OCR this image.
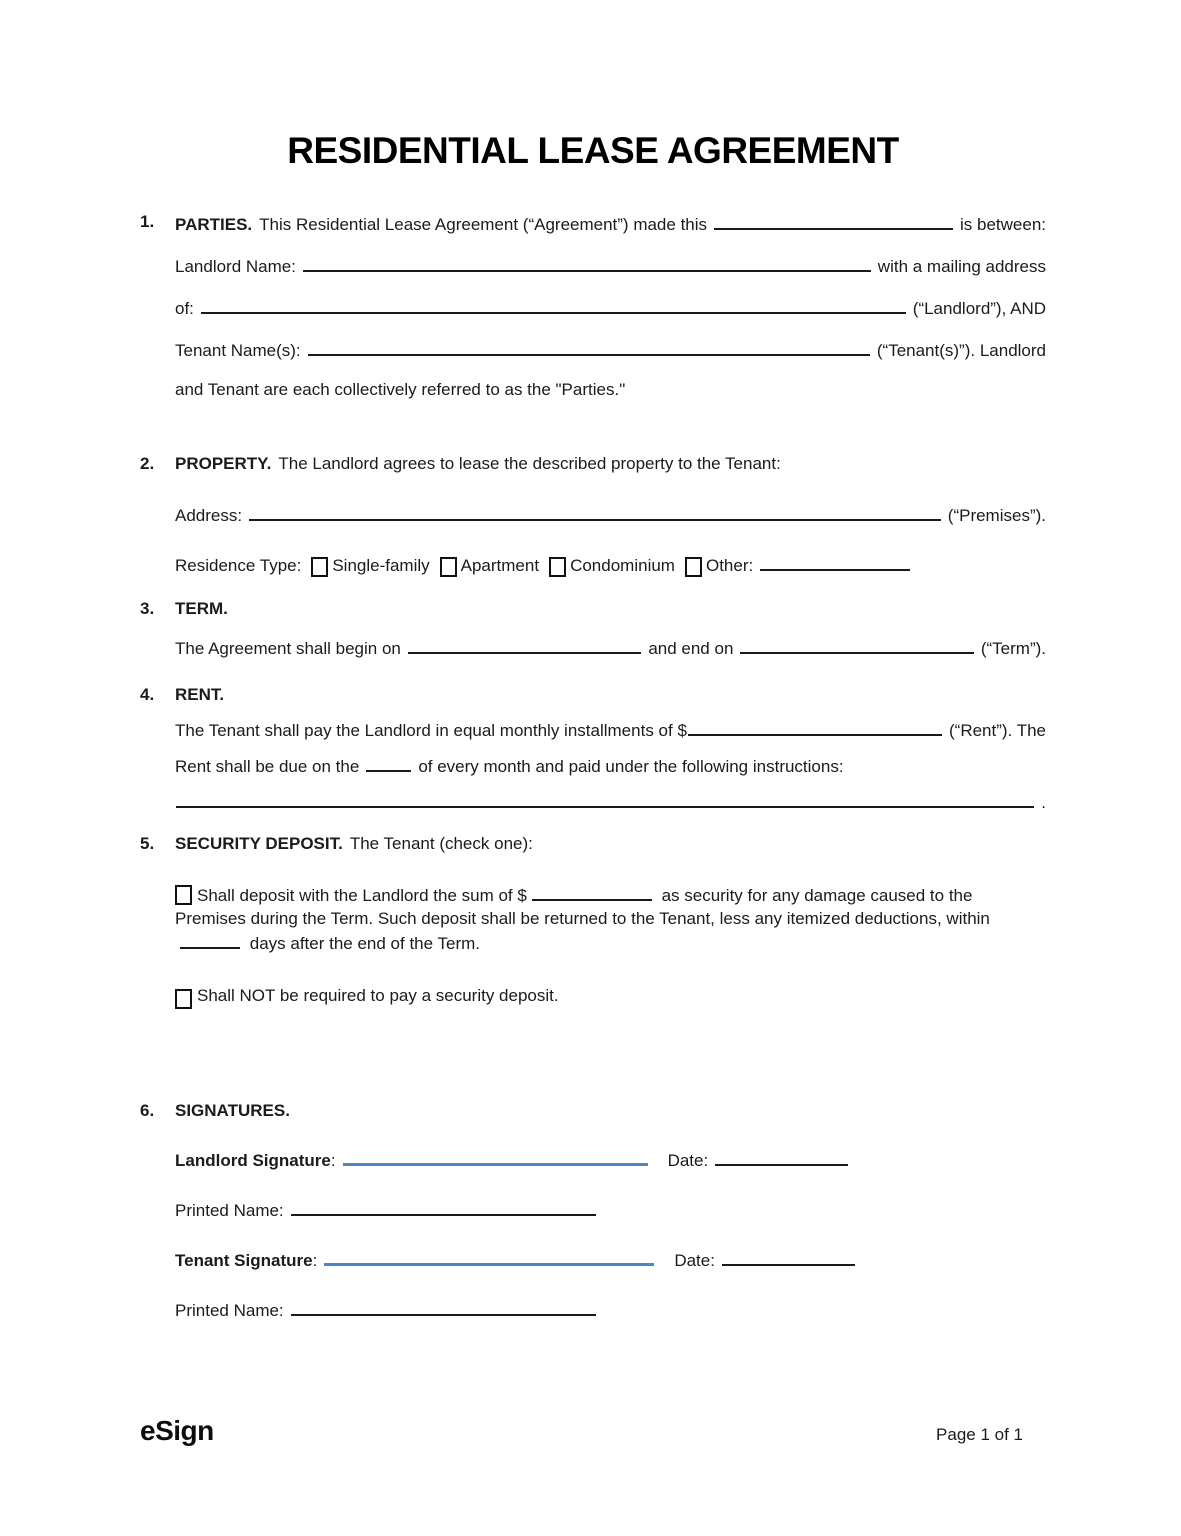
RESIDENTIAL LEASE AGREEMENT
1.	PARTIES. This Residential Lease Agreement (“Agreement”) made this	is between:
Landlord Name:	with a mailing address
of:	(“Landlord”), AND
Tenant Name(s):	(“Tenant(s)”). Landlord
and Tenant are each collectively referred to as the "Parties."
2.	PROPERTY. The Landlord agrees to lease the described property to the Tenant:
Address:	(“Premises”).
Residence Type: Single-family Apartment Condominium Other:
3.	TERM.
The Agreement shall begin on	and end on	(“Term”).
4.	RENT.
The Tenant shall pay the Landlord in equal monthly installments of $	(“Rent”). The
Rent shall be due on the	of every month and paid under the following instructions:
.
5.	SECURITY DEPOSIT. The Tenant (check one):
Shall deposit with the Landlord the sum of $	as security for any damage caused to the Premises during the Term. Such deposit shall be returned to the Tenant, less any itemized deductions, within  days after the end of the Term.
Shall NOT be required to pay a security deposit.
6.	SIGNATURES.
Landlord Signature :	Date:
Printed Name:
Tenant Signature :	Date:
Printed Name:
eSign	Page 1 of 1
